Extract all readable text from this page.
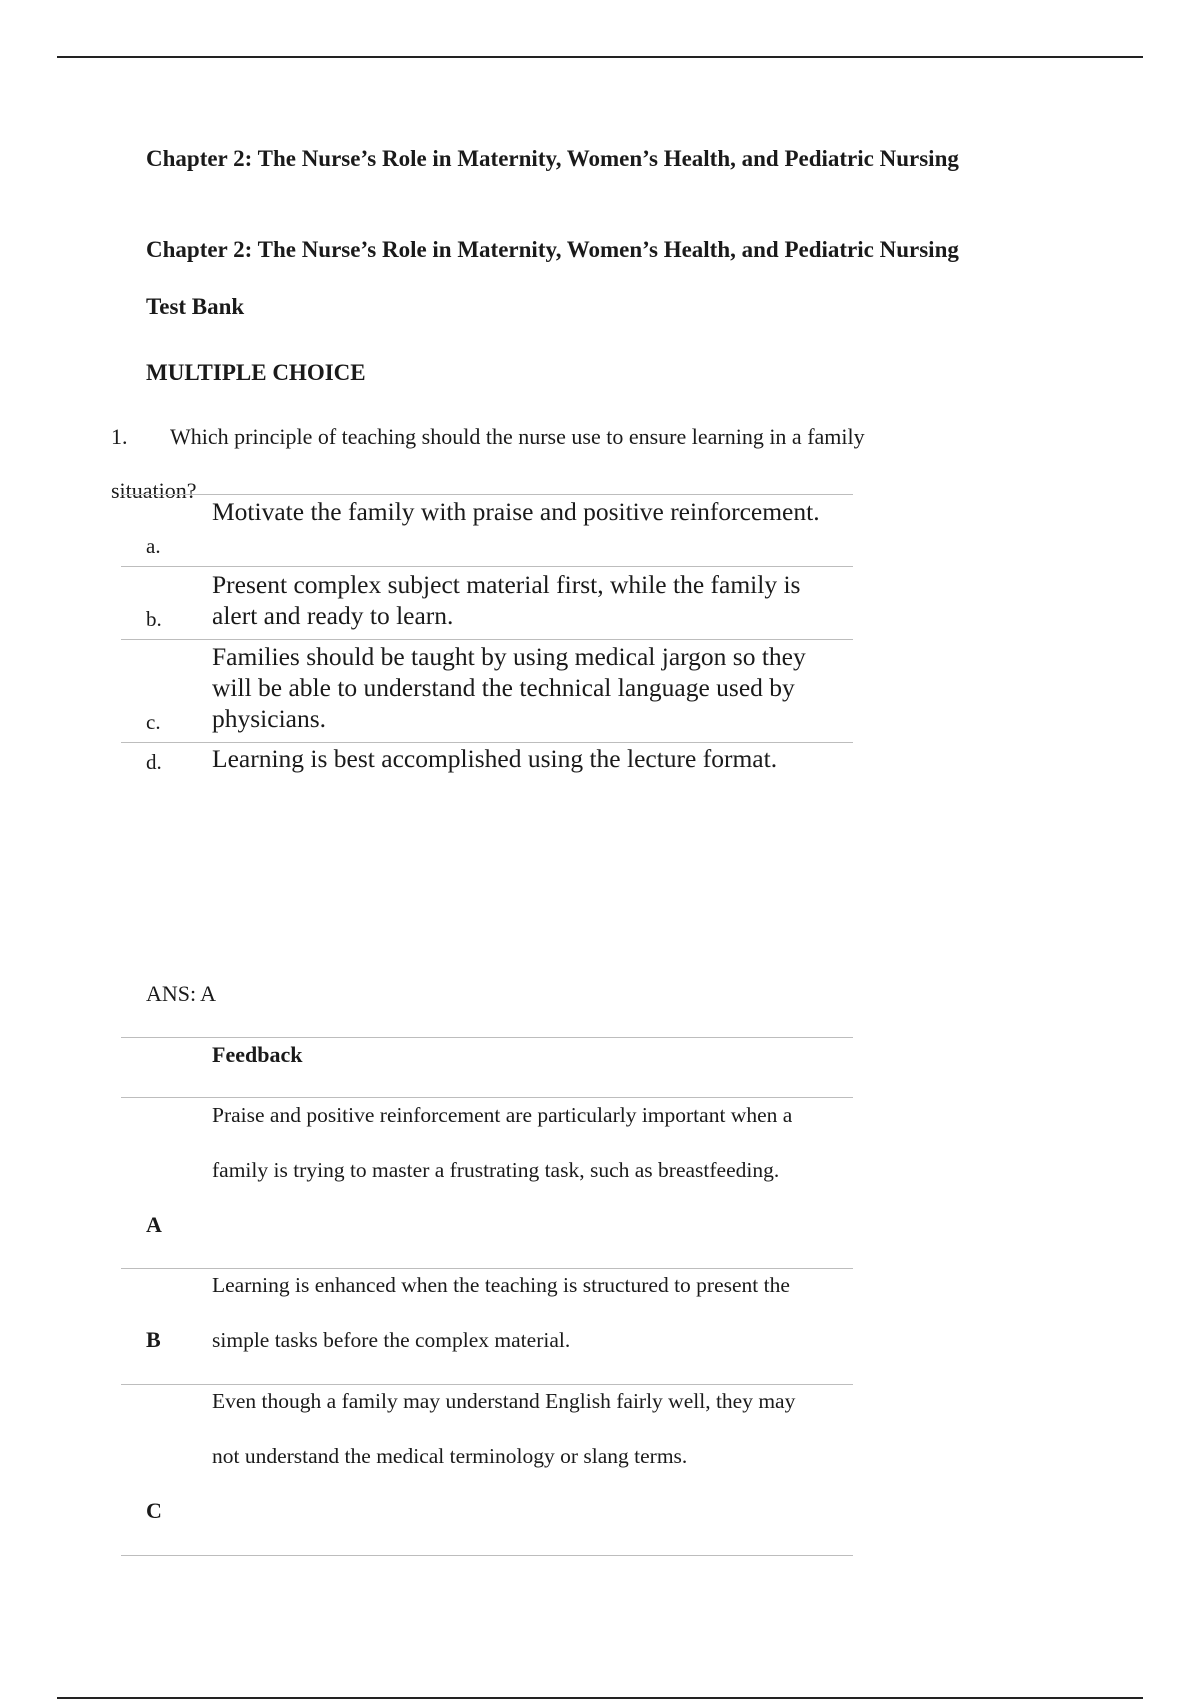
Chapter 2: The Nurse’s Role in Maternity, Women’s Health, and Pediatric Nursing
Chapter 2: The Nurse’s Role in Maternity, Women’s Health, and Pediatric Nursing
Test Bank
MULTIPLE CHOICE
1. Which principle of teaching should the nurse use to ensure learning in a family
situation?
a.
Motivate the family with praise and positive reinforcement.
b.
Present complex subject material first, while the family is alert and ready to learn.
c.
Families should be taught by using medical jargon so they will be able to understand the technical language used by physicians.
d. Learning is best accomplished using the lecture format.
ANS: A
Feedback
A
Praise and positive reinforcement are particularly important when a family is trying to master a frustrating task, such as breastfeeding.
B
Learning is enhanced when the teaching is structured to present the simple tasks before the complex material.
C
Even though a family may understand English fairly well, they may not understand the medical terminology or slang terms.
